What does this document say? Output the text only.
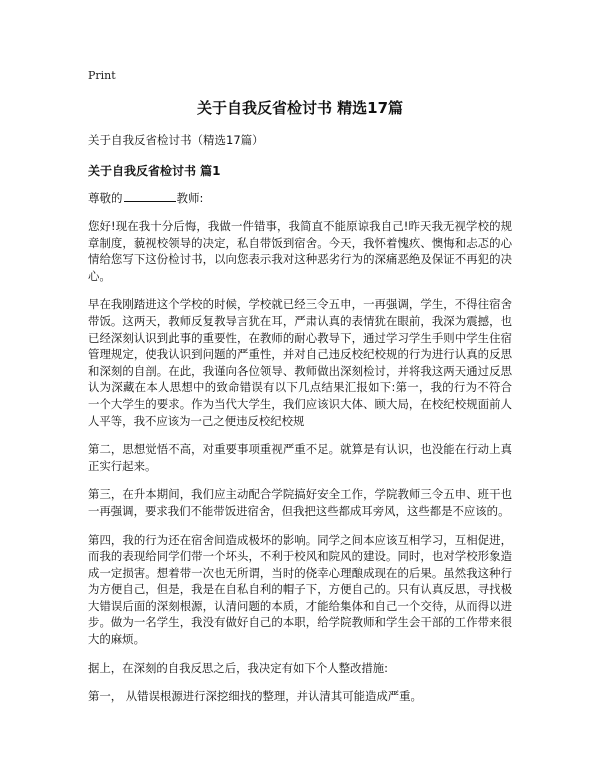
Print
关于自我反省检讨书 精选17篇
关于自我反省检讨书（精选17篇）
关于自我反省检讨书 篇1
尊敬的	教师:

您好!现在我十分后悔，我做一件错事，我简直不能原谅我自己!昨天我无视学校的规章制度，藐视校领导的决定，私自带饭到宿舍。今天，我怀着愧疚、懊悔和忐忑的心情给您写下这份检讨书，以向您表示我对这种恶劣行为的深痛恶绝及保证不再犯的决心。

早在我刚踏进这个学校的时候，学校就已经三令五申，一再强调，学生，不得往宿舍带饭。这两天，教师反复教导言犹在耳，严肃认真的表情犹在眼前，我深为震撼，也已经深刻认识到此事的重要性，在教师的耐心教导下，通过学习学生手则中学生住宿管理规定，使我认识到问题的严重性，并对自己违反校纪校规的行为进行认真的反思和深刻的自剖。在此，我谨向各位领导、教师做出深刻检讨，并将我这两天通过反思认为深藏在本人思想中的致命错误有以下几点结果汇报如下:第一，我的行为不符合一个大学生的要求。作为当代大学生，我们应该识大体、顾大局，在校纪校规面前人人平等，我不应该为一己之便违反校纪校规

第二，思想觉悟不高，对重要事项重视严重不足。就算是有认识，也没能在行动上真正实行起来。

第三，在升本期间，我们应主动配合学院搞好安全工作，学院教师三令五申、班干也一再强调，要求我们不能带饭进宿舍，但我把这些都成耳旁风，这些都是不应该的。

第四，我的行为还在宿舍间造成极坏的影响。同学之间本应该互相学习，互相促进，而我的表现给同学们带一个坏头，不利于校风和院风的建设。同时，也对学校形象造成一定损害。想着带一次也无所谓，当时的侥幸心理酿成现在的后果。虽然我这种行为方便自己，但是，我是在自私自利的帽子下，方便自己的。只有认真反思，寻找极大错误后面的深刻根源，认清问题的本质，才能给集体和自己一个交待，从而得以进步。做为一名学生，我没有做好自己的本职，给学院教师和学生会干部的工作带来很大的麻烦。

据上，在深刻的自我反思之后，我决定有如下个人整改措施:

第一， 从错误根源进行深挖细找的整理，并认清其可能造成严重。
